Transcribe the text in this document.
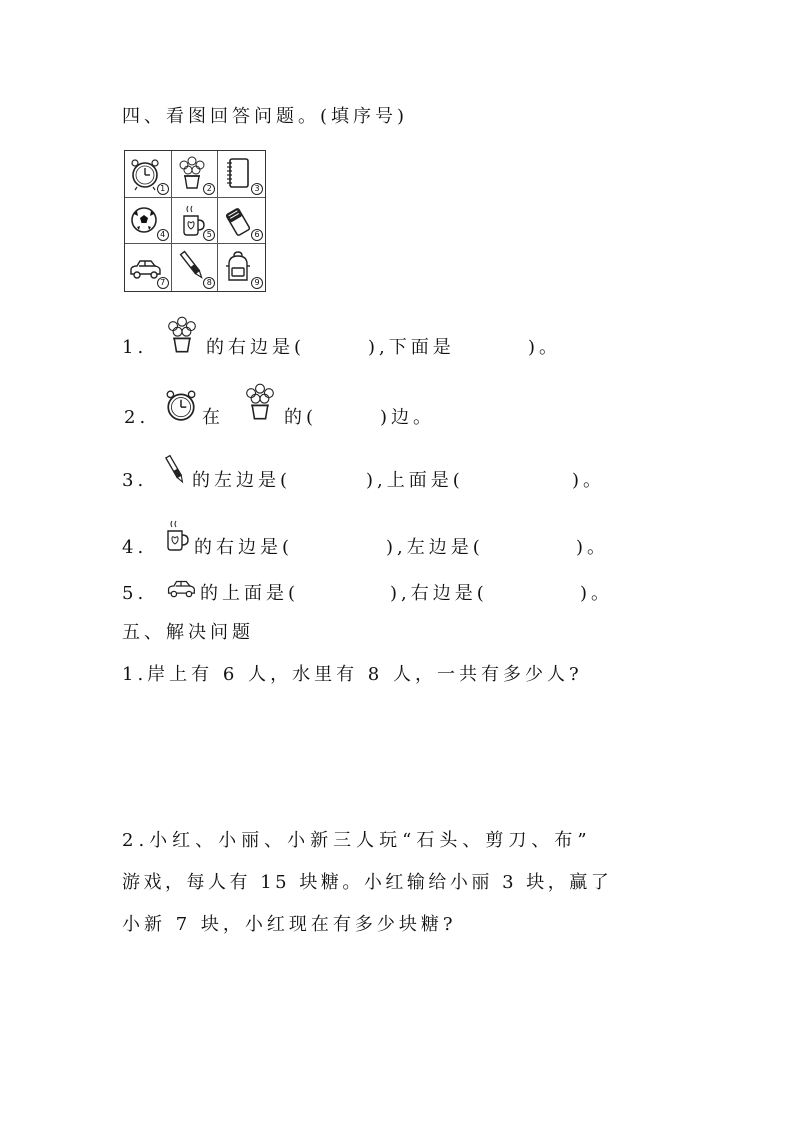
四、看图回答问题。(填序号)
1	2	3
4	5	6
7	8	9
1.	的右边是(	),下面是	)。
2.	在	的(	)边。
3. 的左边是(	),上面是(	)。
4.	的右边是(	),左边是(	)。
5.	的上面是(	),右边是(	)。
五、解决问题
1.岸上有 6 人，水里有 8 人，一共有多少人?
2.小红、小丽、小新三人玩“石头、剪刀、布”
游戏，每人有 15 块糖。小红输给小丽 3 块，赢了
小新 7 块，小红现在有多少块糖?
